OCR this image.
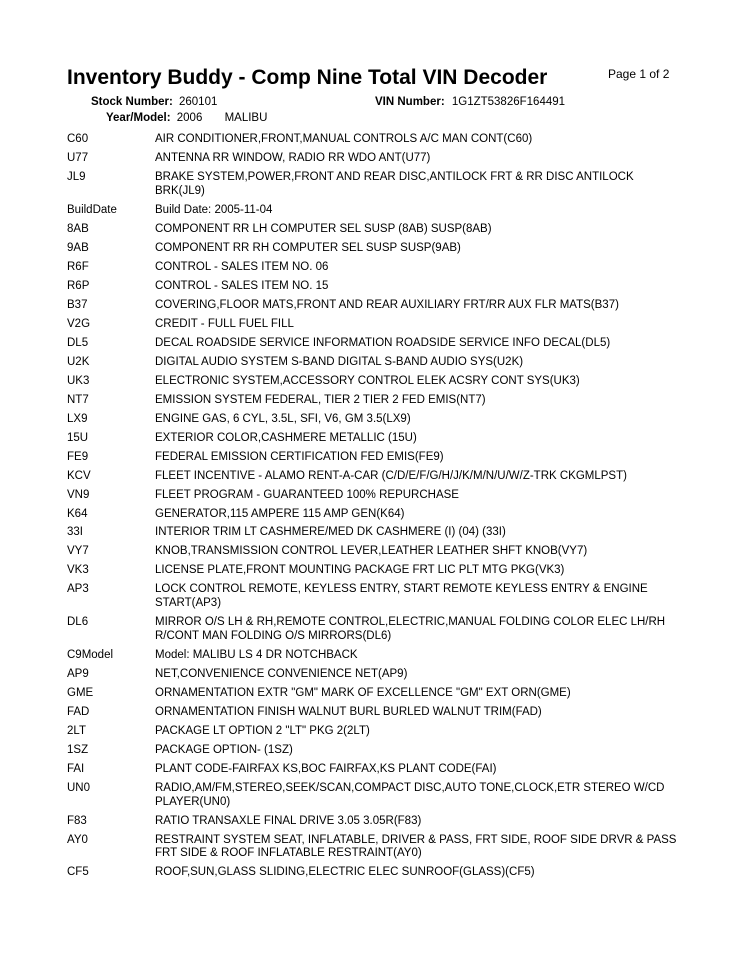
Inventory Buddy - Comp Nine Total VIN Decoder	Page 1 of 2
Stock Number: 260101	VIN Number: 1G1ZT53826F164491
Year/Model: 2006 MALIBU
C60	AIR CONDITIONER,FRONT,MANUAL CONTROLS A/C MAN CONT(C60)
U77	ANTENNA RR WINDOW, RADIO RR WDO ANT(U77)
JL9	BRAKE SYSTEM,POWER,FRONT AND REAR DISC,ANTILOCK FRT & RR DISC ANTILOCK BRK(JL9)
BuildDate	Build Date: 2005-11-04
8AB	COMPONENT RR LH COMPUTER SEL SUSP (8AB) SUSP(8AB)
9AB	COMPONENT RR RH COMPUTER SEL SUSP SUSP(9AB)
R6F	CONTROL - SALES ITEM NO. 06
R6P	CONTROL - SALES ITEM NO. 15
B37	COVERING,FLOOR MATS,FRONT AND REAR AUXILIARY FRT/RR AUX FLR MATS(B37)
V2G	CREDIT - FULL FUEL FILL
DL5	DECAL ROADSIDE SERVICE INFORMATION ROADSIDE SERVICE INFO DECAL(DL5)
U2K	DIGITAL AUDIO SYSTEM S-BAND DIGITAL S-BAND AUDIO SYS(U2K)
UK3	ELECTRONIC SYSTEM,ACCESSORY CONTROL ELEK ACSRY CONT SYS(UK3)
NT7	EMISSION SYSTEM FEDERAL, TIER 2 TIER 2 FED EMIS(NT7)
LX9	ENGINE GAS, 6 CYL, 3.5L, SFI, V6, GM 3.5(LX9)
15U	EXTERIOR COLOR,CASHMERE METALLIC (15U)
FE9	FEDERAL EMISSION CERTIFICATION FED EMIS(FE9)
KCV	FLEET INCENTIVE - ALAMO RENT-A-CAR (C/D/E/F/G/H/J/K/M/N/U/W/Z-TRK CKGMLPST)
VN9	FLEET PROGRAM - GUARANTEED 100% REPURCHASE
K64	GENERATOR,115 AMPERE 115 AMP GEN(K64)
33I	INTERIOR TRIM LT CASHMERE/MED DK CASHMERE (I) (04) (33I)
VY7	KNOB,TRANSMISSION CONTROL LEVER,LEATHER LEATHER SHFT KNOB(VY7)
VK3	LICENSE PLATE,FRONT MOUNTING PACKAGE FRT LIC PLT MTG PKG(VK3)
AP3	LOCK CONTROL REMOTE, KEYLESS ENTRY, START REMOTE KEYLESS ENTRY & ENGINE START(AP3)
DL6	MIRROR O/S LH & RH,REMOTE CONTROL,ELECTRIC,MANUAL FOLDING COLOR ELEC LH/RH R/CONT MAN FOLDING O/S MIRRORS(DL6)
C9Model	Model: MALIBU LS 4 DR NOTCHBACK
AP9	NET,CONVENIENCE CONVENIENCE NET(AP9)
GME	ORNAMENTATION EXTR "GM" MARK OF EXCELLENCE "GM" EXT ORN(GME)
FAD	ORNAMENTATION FINISH WALNUT BURL BURLED WALNUT TRIM(FAD)
2LT	PACKAGE LT OPTION 2 "LT" PKG 2(2LT)
1SZ	PACKAGE OPTION- (1SZ)
FAI	PLANT CODE-FAIRFAX KS,BOC FAIRFAX,KS PLANT CODE(FAI)
UN0	RADIO,AM/FM,STEREO,SEEK/SCAN,COMPACT DISC,AUTO TONE,CLOCK,ETR STEREO W/CD PLAYER(UN0)
F83	RATIO TRANSAXLE FINAL DRIVE 3.05 3.05R(F83)
AY0	RESTRAINT SYSTEM SEAT, INFLATABLE, DRIVER & PASS, FRT SIDE, ROOF SIDE DRVR & PASS FRT SIDE & ROOF INFLATABLE RESTRAINT(AY0)
CF5	ROOF,SUN,GLASS SLIDING,ELECTRIC ELEC SUNROOF(GLASS)(CF5)
